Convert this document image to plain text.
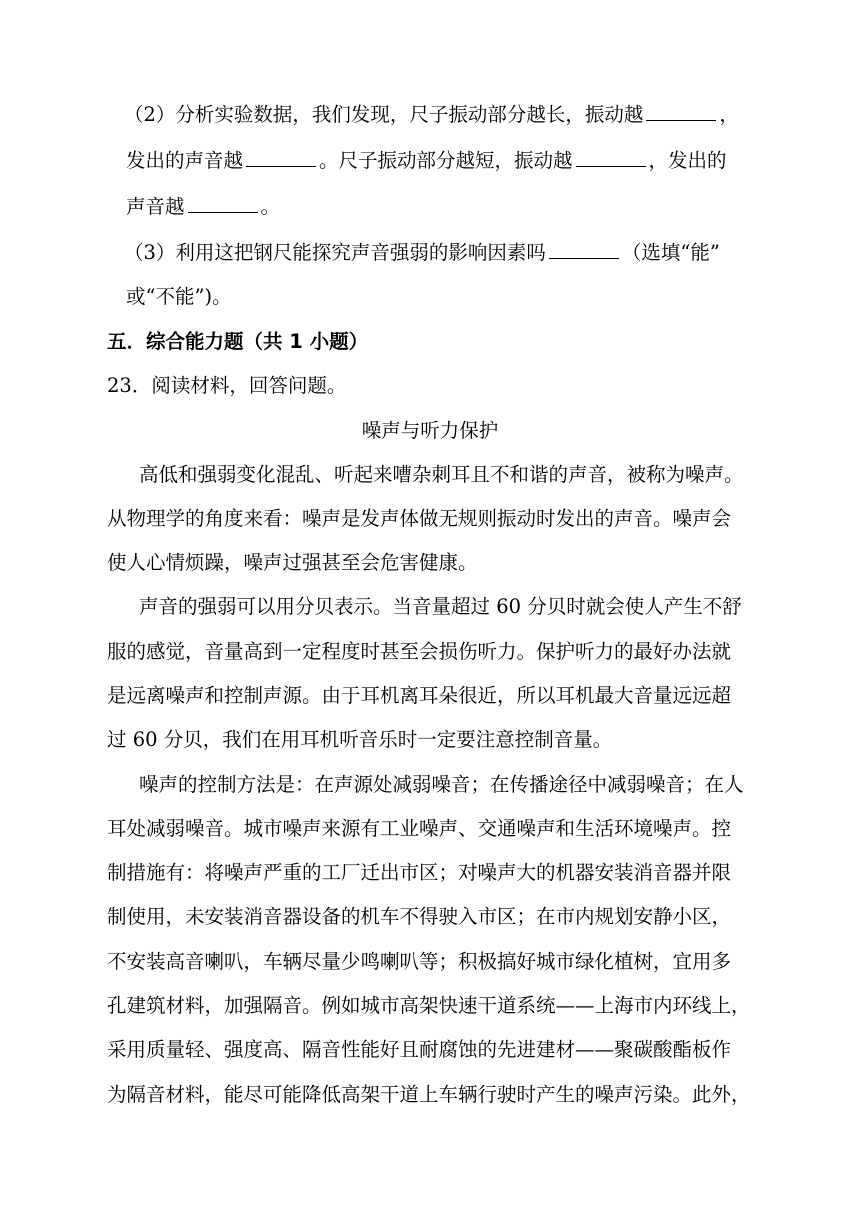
（2）分析实验数据，我们发现，尺子振动部分越长，振动越	，
发出的声音越	。尺子振动部分越短，振动越	，发出的
声音越	。
（3）利用这把钢尺能探究声音强弱的影响因素吗	（选填“能”
或“不能”)。
五．综合能力题（共 1 小题）
23．阅读材料，回答问题。
噪声与听力保护
高低和强弱变化混乱、听起来嘈杂刺耳且不和谐的声音，被称为噪声。
从物理学的角度来看：噪声是发声体做无规则振动时发出的声音。噪声会
使人心情烦躁，噪声过强甚至会危害健康。
声音的强弱可以用分贝表示。当音量超过 60 分贝时就会使人产生不舒
服的感觉，音量高到一定程度时甚至会损伤听力。保护听力的最好办法就
是远离噪声和控制声源。由于耳机离耳朵很近，所以耳机最大音量远远超
过 60 分贝，我们在用耳机听音乐时一定要注意控制音量。
噪声的控制方法是：在声源处减弱噪音；在传播途径中减弱噪音；在人
耳处减弱噪音。城市噪声来源有工业噪声、交通噪声和生活环境噪声。控
制措施有：将噪声严重的工厂迁出市区；对噪声大的机器安装消音器并限
制使用，未安装消音器设备的机车不得驶入市区；在市内规划安静小区，
不安装高音喇叭，车辆尽量少鸣喇叭等；积极搞好城市绿化植树，宜用多
孔建筑材料，加强隔音。例如城市高架快速干道系统——上海市内环线上，
采用质量轻、强度高、隔音性能好且耐腐蚀的先进建材——聚碳酸酯板作
为隔音材料，能尽可能降低高架干道上车辆行驶时产生的噪声污染。此外，
